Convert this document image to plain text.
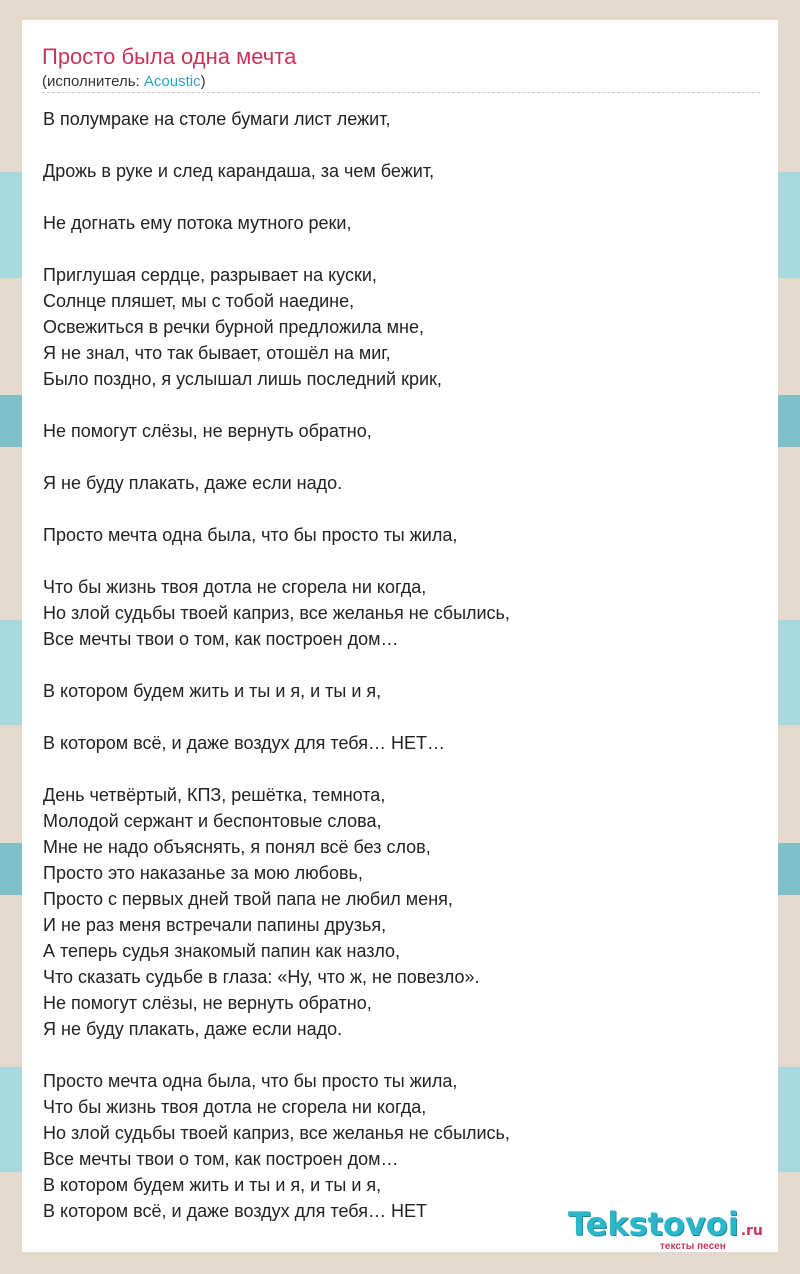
Просто была одна мечта
(исполнитель: Acoustic)
В полумраке на столе бумаги лист лежит,
Дрожь в руке и след карандаша, за чем бежит,
Не догнать ему потока мутного реки,
Приглушая сердце, разрывает на куски,
Солнце пляшет, мы с тобой наедине,
Освежиться в речки бурной предложила мне,
Я не знал, что так бывает, отошёл на миг,
Было поздно, я услышал лишь последний крик,
Не помогут слёзы, не вернуть обратно,
Я не буду плакать, даже если надо.
Просто мечта одна была, что бы просто ты жила,
Что бы жизнь твоя дотла не сгорела ни когда,
Но злой судьбы твоей каприз, все желанья не сбылись,
Все мечты твои о том, как построен дом…
В котором будем жить и ты и я, и ты и я,
В котором всё, и даже воздух для тебя… НЕТ…
День четвёртый, КПЗ, решётка, темнота,
Молодой сержант и беспонтовые слова,
Мне не надо объяснять, я понял всё без слов,
Просто это наказанье за мою любовь,
Просто с первых дней твой папа не любил меня,
И не раз меня встречали папины друзья,
А теперь судья знакомый папин как назло,
Что сказать судьбе в глаза: «Ну, что ж, не повезло».
Не помогут слёзы, не вернуть обратно,
Я не буду плакать, даже если надо.
Просто мечта одна была, что бы просто ты жила,
Что бы жизнь твоя дотла не сгорела ни когда,
Но злой судьбы твоей каприз, все желанья не сбылись,
Все мечты твои о том, как построен дом…
В котором будем жить и ты и я, и ты и я,
В котором всё, и даже воздух для тебя… НЕТ	Tekstovoi .ru
тексты песен
